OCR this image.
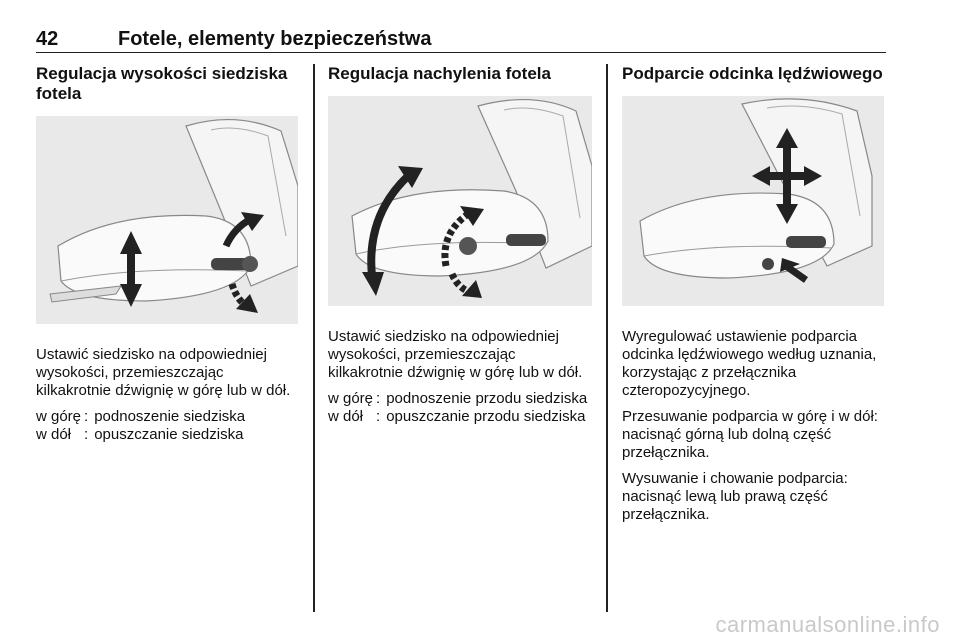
42	Fotele, elementy bezpieczeństwa
Regulacja wysokości siedziska fotela

Ustawić siedzisko na odpowiedniej wysokości, przemieszczając kilkakrotnie dźwignię w górę lub w dół.

w górę	:	podnoszenie siedziska
w dół	:	opuszczanie siedziska
Regulacja nachylenia fotela

Ustawić siedzisko na odpowiedniej wysokości, przemieszczając kilkakrotnie dźwignię w górę lub w dół.

w górę	:	podnoszenie przodu siedziska
w dół	:	opuszczanie przodu siedziska
Podparcie odcinka lędźwiowego

Wyregulować ustawienie podparcia odcinka lędźwiowego według uznania, korzystając z przełącznika czteropozycyjnego.

Przesuwanie podparcia w górę i w dół: nacisnąć górną lub dolną część przełącznika.

Wysuwanie i chowanie podparcia: nacisnąć lewą lub prawą część przełącznika.

carmanualsonline.info
